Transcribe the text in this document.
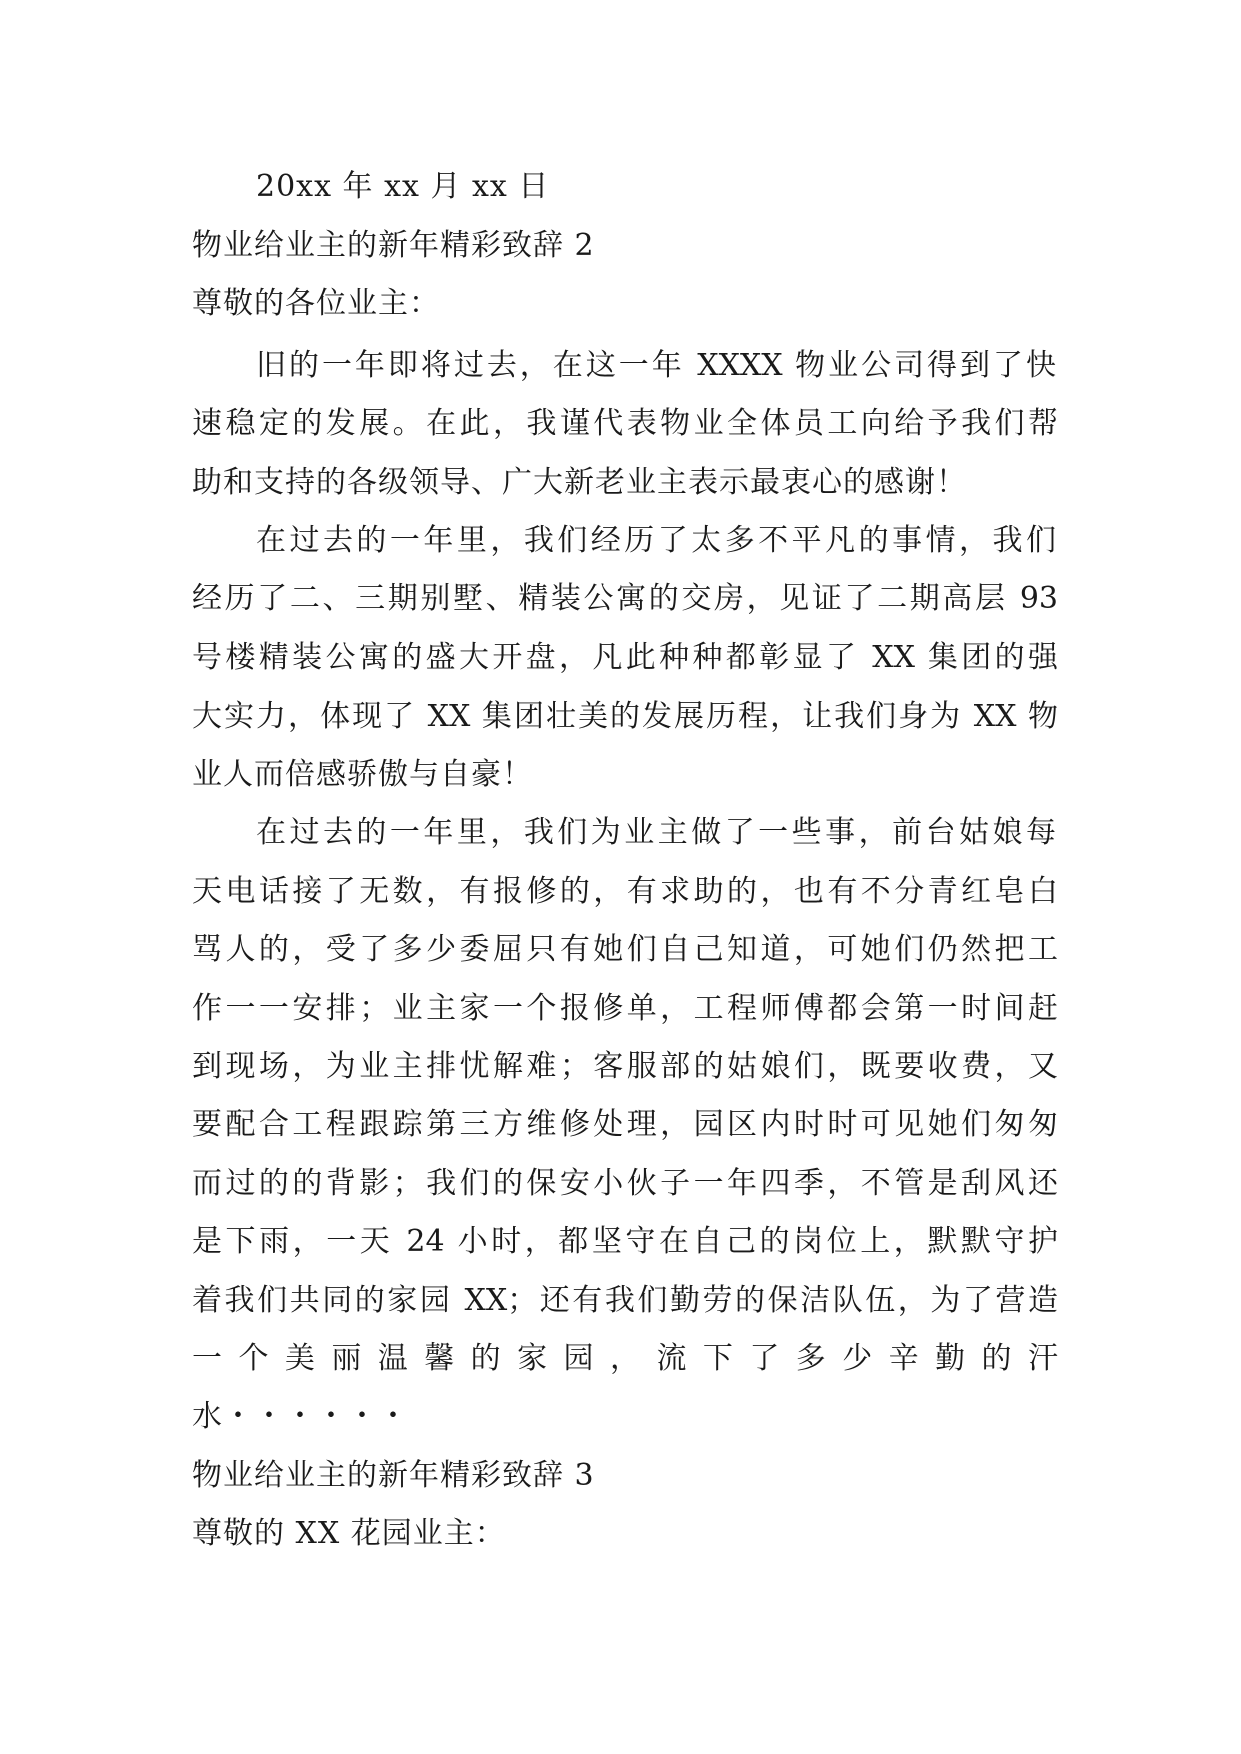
20xx 年 xx 月 xx 日
物业给业主的新年精彩致辞 2
尊敬的各位业主：
旧的一年即将过去，在这一年 XXXX 物业公司得到了快
速稳定的发展。在此，我谨代表物业全体员工向给予我们帮
助和支持的各级领导、广大新老业主表示最衷心的感谢！
在过去的一年里，我们经历了太多不平凡的事情，我们
经历了二、三期别墅、精装公寓的交房，见证了二期高层 93
号楼精装公寓的盛大开盘，凡此种种都彰显了 XX 集团的强
大实力，体现了 XX 集团壮美的发展历程，让我们身为 XX 物
业人而倍感骄傲与自豪！
在过去的一年里，我们为业主做了一些事，前台姑娘每
天电话接了无数，有报修的，有求助的，也有不分青红皂白
骂人的，受了多少委屈只有她们自己知道，可她们仍然把工
作一一安排；业主家一个报修单，工程师傅都会第一时间赶
到现场，为业主排忧解难；客服部的姑娘们，既要收费，又
要配合工程跟踪第三方维修处理，园区内时时可见她们匆匆
而过的的背影；我们的保安小伙子一年四季，不管是刮风还
是下雨，一天 24 小时，都坚守在自己的岗位上，默默守护
着我们共同的家园 XX；还有我们勤劳的保洁队伍，为了营造
一 个 美 丽 温 馨 的 家 园 ， 流 下 了 多 少 辛 勤 的 汗
水・・・・・・
物业给业主的新年精彩致辞 3
尊敬的 XX 花园业主：
